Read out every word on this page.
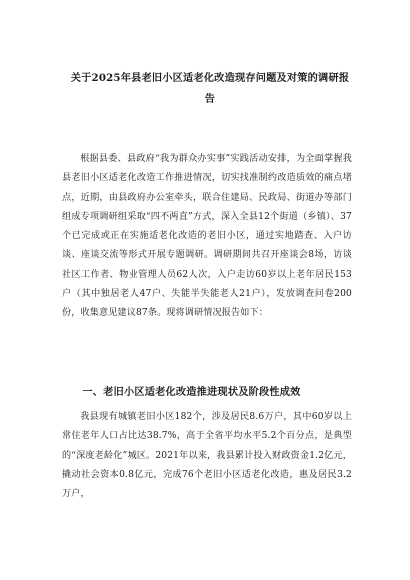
关于2025年县老旧小区适老化改造现存问题及对策的调研报告

根据县委、县政府“我为群众办实事”实践活动安排，为全面掌握我县老旧小区适老化改造工作推进情况，切实找准制约改造质效的痛点堵点，近期，由县政府办公室牵头，联合住建局、民政局、街道办等部门组成专项调研组采取“四不两直”方式，深入全县12个街道（乡镇）、37个已完成或正在实施适老化改造的老旧小区，通过实地踏查、入户访谈、座谈交流等形式开展专题调研。调研期间共召开座谈会8场，访谈社区工作者、物业管理人员62人次，入户走访60岁以上老年居民153户（其中独居老人47户、失能半失能老人21户），发放调查问卷200份，收集意见建议87条。现将调研情况报告如下：

一、老旧小区适老化改造推进现状及阶段性成效

我县现有城镇老旧小区182个，涉及居民8.6万户，其中60岁以上常住老年人口占比达38.7%，高于全省平均水平5.2个百分点，是典型的“深度老龄化”城区。2021年以来，我县累计投入财政资金1.2亿元，撬动社会资本0.8亿元，完成76个老旧小区适老化改造，惠及居民3.2万户，
